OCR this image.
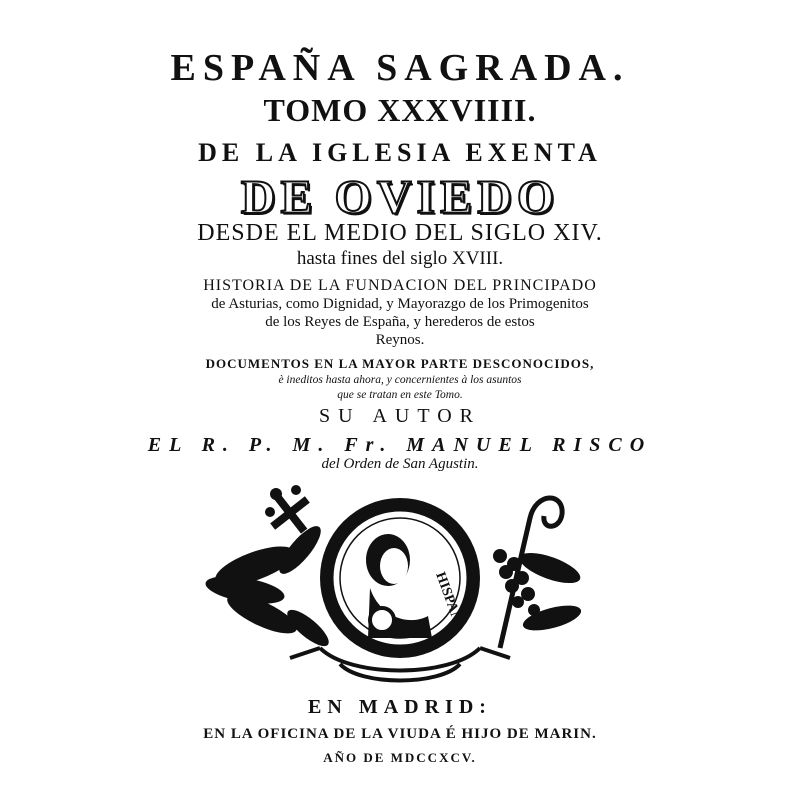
ESPAÑA SAGRADA.
TOMO XXXVIIII.
DE LA IGLESIA EXENTA
DE OVIEDO
DESDE EL MEDIO DEL SIGLO XIV.
hasta fines del siglo XVIII.
HISTORIA DE LA FUNDACION DEL PRINCIPADO
de Asturias, como Dignidad, y Mayorazgo de los Primogenitos
de los Reyes de España, y herederos de estos
Reynos.
DOCUMENTOS EN LA MAYOR PARTE DESCONOCIDOS,
è ineditos hasta ahora, y concernientes à los asuntos
que se tratan en este Tomo.
SU AUTOR
EL R. P. M. Fr. MANUEL RISCO
del Orden de San Agustin.
HISPAN
EN MADRID:
EN LA OFICINA DE LA VIUDA É HIJO DE MARIN.
AÑO DE MDCCXCV.
